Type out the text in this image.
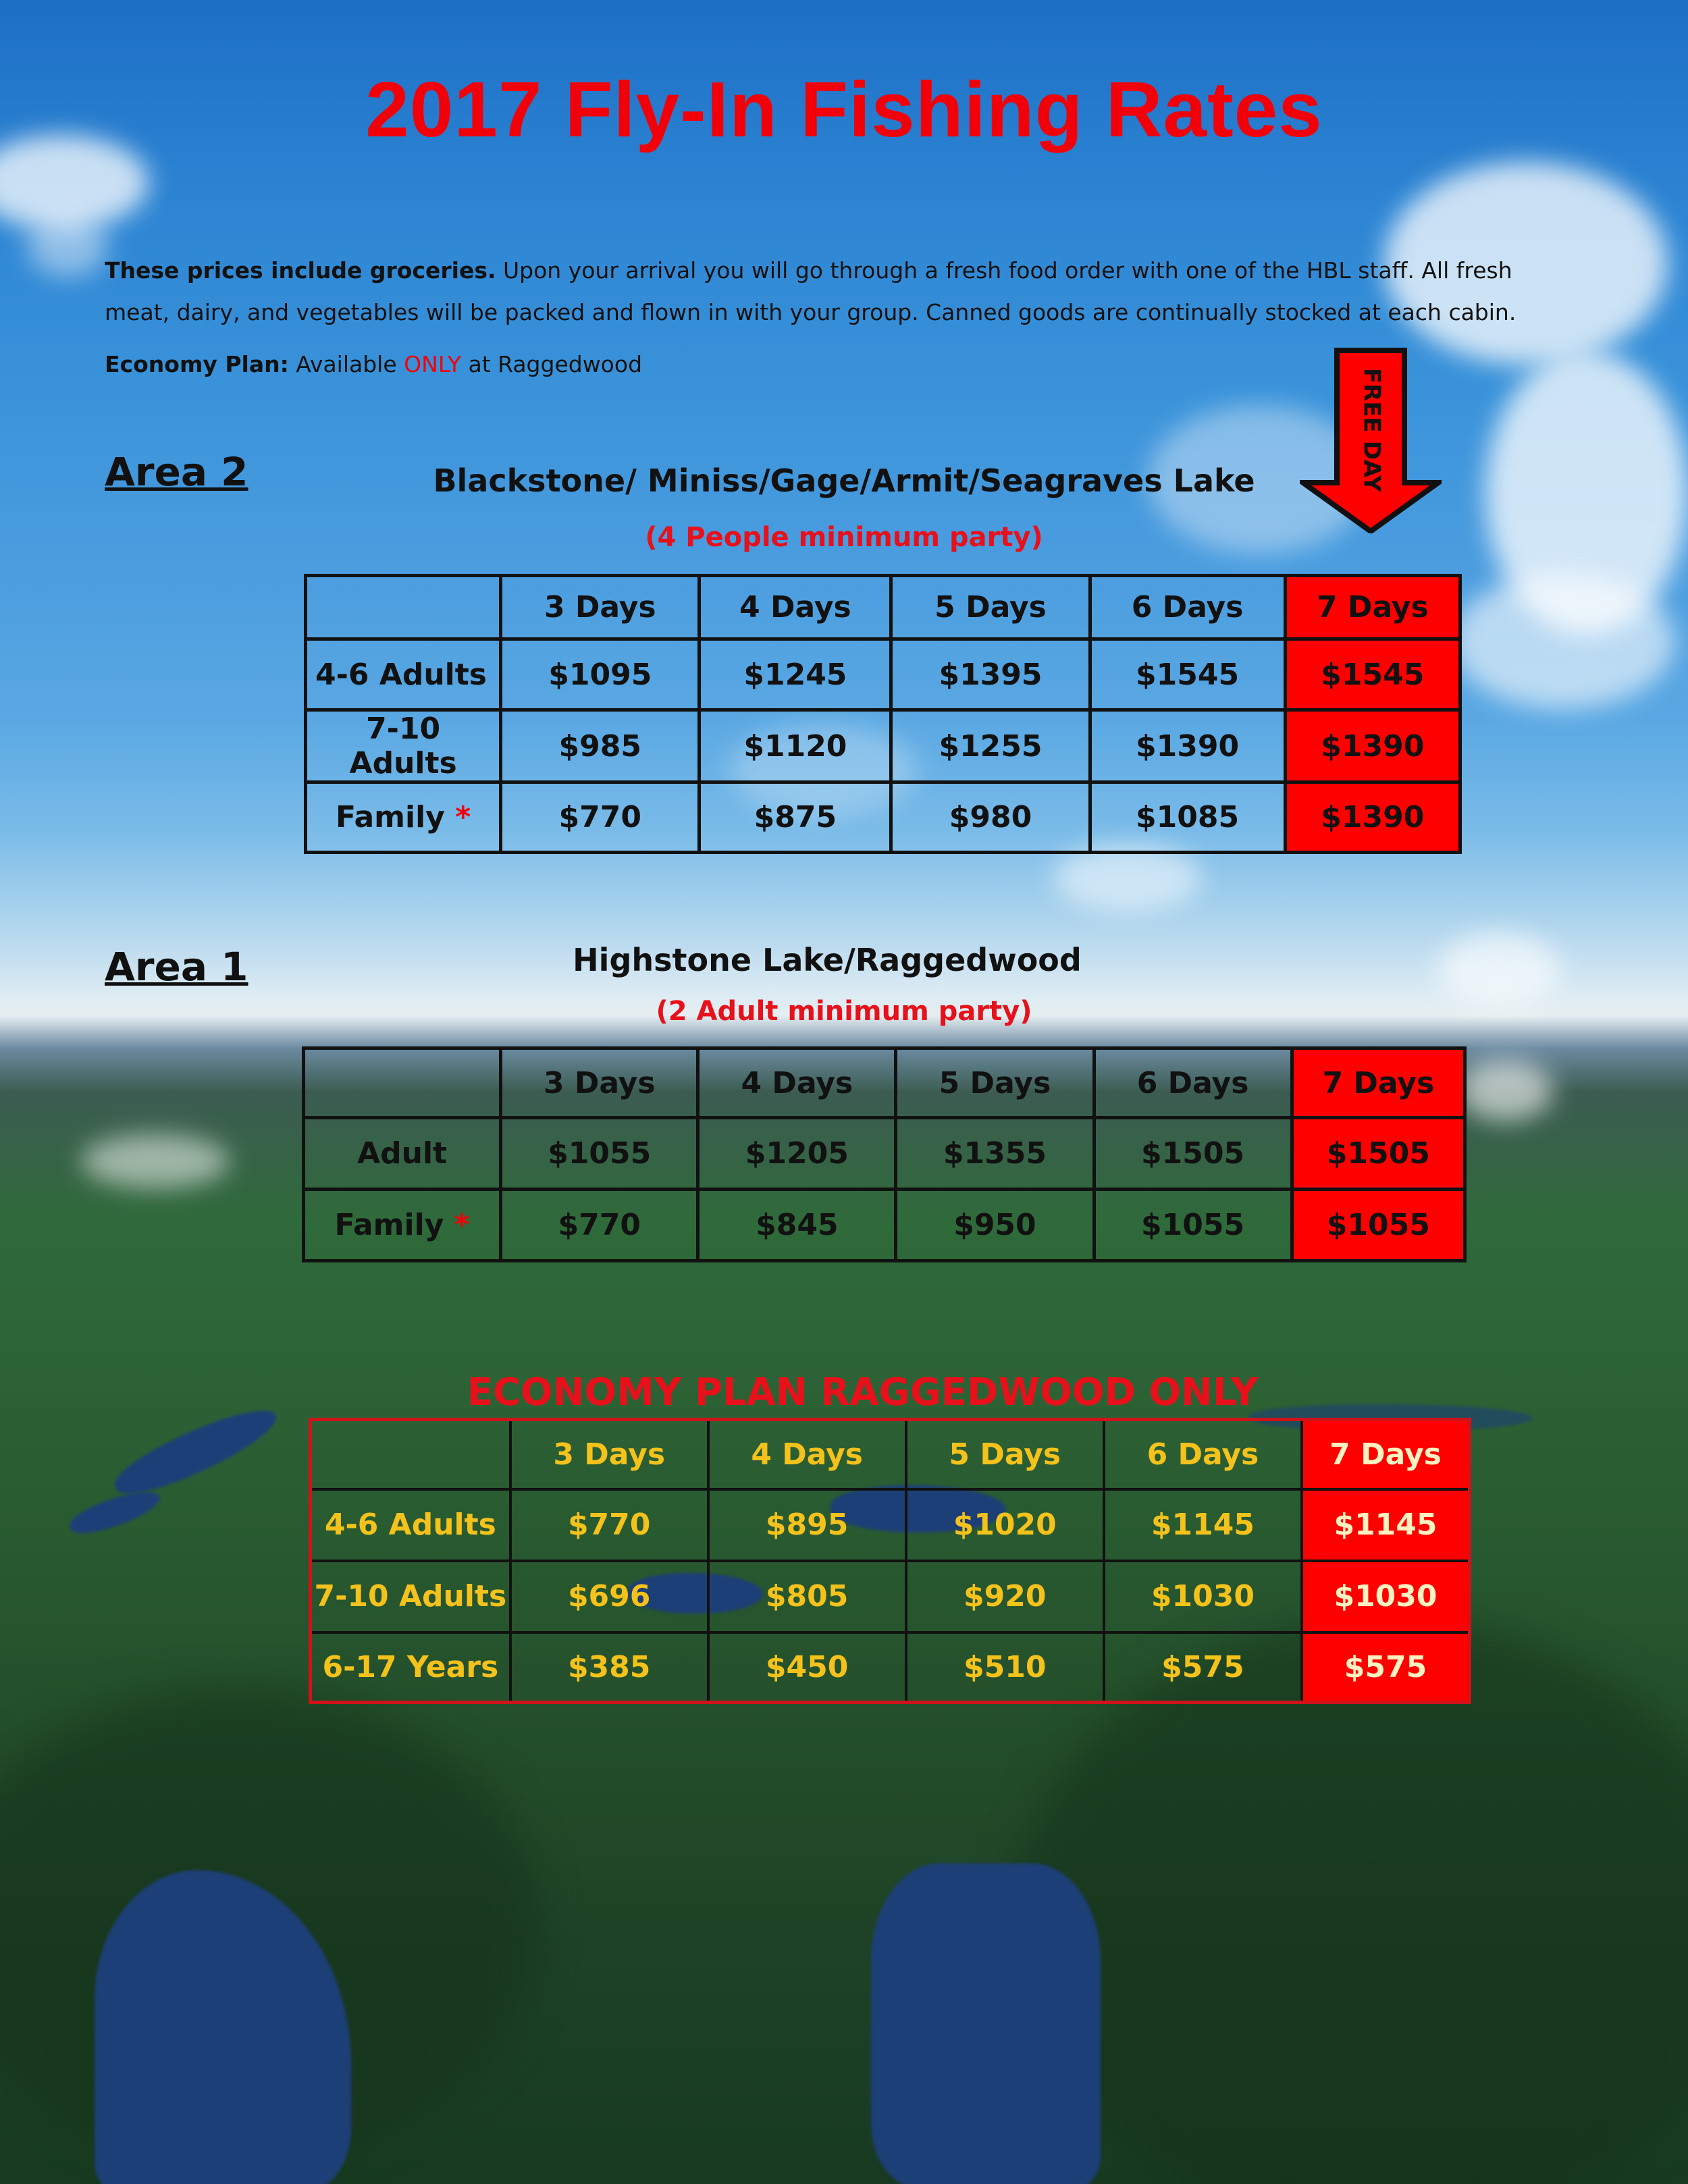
2017 Fly-In Fishing Rates
These prices include groceries. Upon your arrival you will go through a fresh food order with one of the HBL staff. All fresh meat, dairy, and vegetables will be packed and flown in with your group. Canned goods are continually stocked at each cabin.
Economy Plan: Available ONLY at Raggedwood
FREE DAY
Area 2	Blackstone/ Miniss/Gage/Armit/Seagraves Lake
(4 People minimum party)
	3 Days	4 Days	5 Days	6 Days	7 Days
4-6 Adults	$1095	$1245	$1395	$1545	$1545
7-10 Adults	$985	$1120	$1255	$1390	$1390
Family *	$770	$875	$980	$1085	$1390
Area 1	Highstone Lake/Raggedwood
(2 Adult minimum party)
	3 Days	4 Days	5 Days	6 Days	7 Days
Adult	$1055	$1205	$1355	$1505	$1505
Family *	$770	$845	$950	$1055	$1055
ECONOMY PLAN RAGGEDWOOD ONLY
	3 Days	4 Days	5 Days	6 Days	7 Days
4-6 Adults	$770	$895	$1020	$1145	$1145
7-10 Adults	$696	$805	$920	$1030	$1030
6-17 Years	$385	$450	$510	$575	$575
